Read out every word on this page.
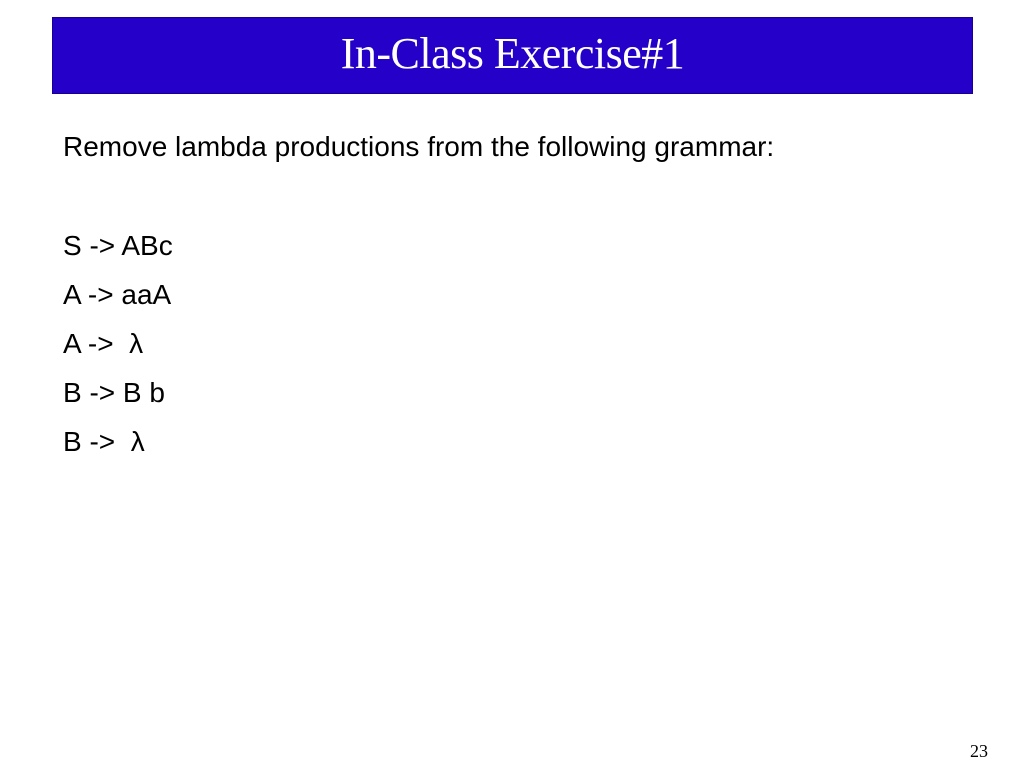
In-Class Exercise#1
Remove lambda productions from the following grammar:
S -> ABc
A -> aaA
A ->  λ
B -> B b
B ->  λ
23
